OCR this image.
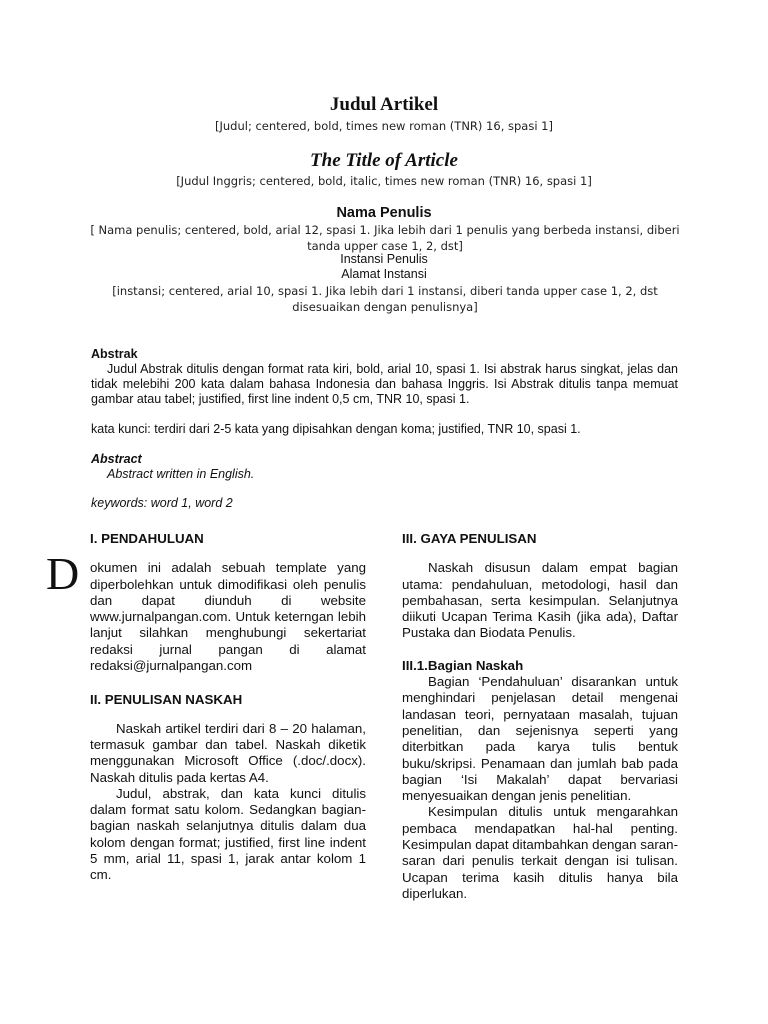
Judul Artikel
[Judul; centered, bold, times new roman (TNR) 16, spasi 1]
The Title of Article
[Judul Inggris; centered, bold, italic, times new roman (TNR) 16, spasi 1]
Nama Penulis
[ Nama penulis; centered, bold, arial 12, spasi 1. Jika lebih dari 1 penulis yang berbeda instansi, diberi tanda upper case 1, 2, dst]
Instansi Penulis
Alamat Instansi
[instansi; centered, arial 10, spasi 1. Jika lebih dari 1 instansi, diberi tanda upper case 1, 2, dst disesuaikan dengan penulisnya]
Abstrak

Judul Abstrak ditulis dengan format rata kiri, bold, arial 10, spasi 1. Isi abstrak harus singkat, jelas dan tidak melebihi 200 kata dalam bahasa Indonesia dan bahasa Inggris. Isi Abstrak ditulis tanpa memuat gambar atau tabel; justified, first line indent 0,5 cm, TNR 10, spasi 1.

kata kunci: terdiri dari 2-5 kata yang dipisahkan dengan koma; justified, TNR 10, spasi 1.
Abstract

Abstract written in English.

keywords: word 1, word 2

I. PENDAHULUAN

D okumen ini adalah sebuah template yang diperbolehkan untuk dimodifikasi oleh penulis dan dapat diunduh di website www.jurnalpangan.com. Untuk keterngan lebih lanjut silahkan menghubungi sekertariat redaksi jurnal pangan di alamat redaksi@jurnalpangan.com

II. PENULISAN NASKAH

Naskah artikel terdiri dari 8 – 20 halaman, termasuk gambar dan tabel. Naskah diketik menggunakan Microsoft Office (.doc/.docx). Naskah ditulis pada kertas A4.

Judul, abstrak, dan kata kunci ditulis dalam format satu kolom. Sedangkan bagian-bagian naskah selanjutnya ditulis dalam dua kolom dengan format; justified, first line indent 5 mm, arial 11, spasi 1, jarak antar kolom 1 cm.

III. GAYA PENULISAN

Naskah disusun dalam empat bagian utama: pendahuluan, metodologi, hasil dan pembahasan, serta kesimpulan. Selanjutnya diikuti Ucapan Terima Kasih (jika ada), Daftar Pustaka dan Biodata Penulis.

III.1.Bagian Naskah

Bagian ‘Pendahuluan’ disarankan untuk menghindari penjelasan detail mengenai landasan teori, pernyataan masalah, tujuan penelitian, dan sejenisnya seperti yang diterbitkan pada karya tulis bentuk buku/skripsi. Penamaan dan jumlah bab pada bagian ‘Isi Makalah’ dapat bervariasi menyesuaikan dengan jenis penelitian.

Kesimpulan ditulis untuk mengarahkan pembaca mendapatkan hal-hal penting. Kesimpulan dapat ditambahkan dengan saran-saran dari penulis terkait dengan isi tulisan. Ucapan terima kasih ditulis hanya bila diperlukan.
